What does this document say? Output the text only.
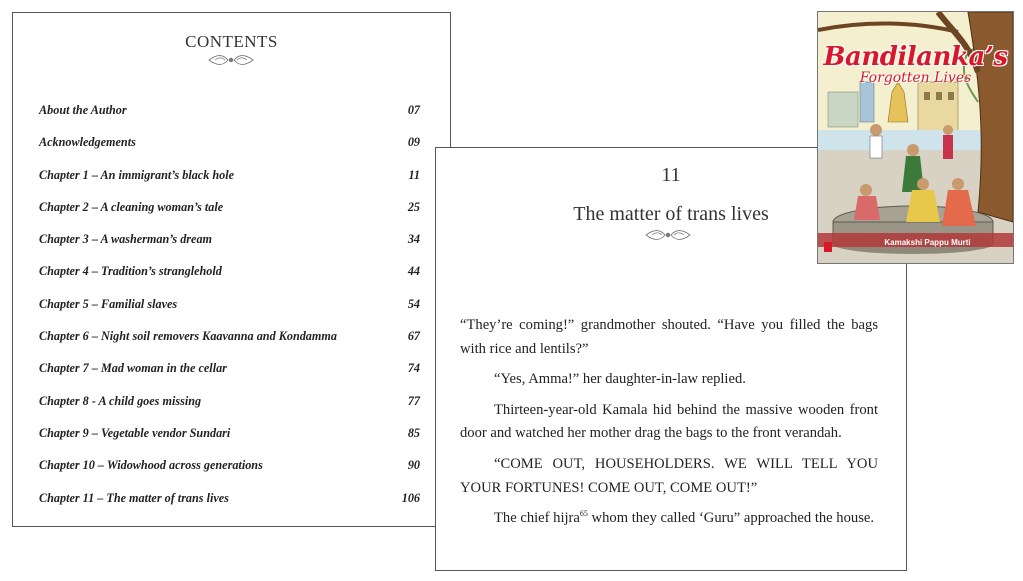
CONTENTS
About the Author	07
Acknowledgements	09
Chapter 1 – An immigrant’s black hole	11
Chapter 2 – A cleaning woman’s tale	25
Chapter 3 – A washerman’s dream	34
Chapter 4 – Tradition’s stranglehold	44
Chapter 5 – Familial slaves	54
Chapter 6 – Night soil removers Kaavanna and Kondamma	67
Chapter 7 – Mad woman in the cellar	74
Chapter 8 - A child goes missing	77
Chapter 9 – Vegetable vendor Sundari	85
Chapter 10 – Widowhood across generations	90
Chapter 11 – The matter of trans lives	106
11
The matter of trans lives

“They’re coming!” grandmother shouted. “Have you filled the bags with rice and lentils?”

“Yes, Amma!” her daughter-in-law replied.

Thirteen-year-old Kamala hid behind the massive wooden front door and watched her mother drag the bags to the front verandah.

“COME OUT, HOUSEHOLDERS. WE WILL TELL YOU YOUR FORTUNES! COME OUT, COME OUT!”

The chief hijra$^{65}$ whom they called ‘Guru” approached the house.

Bandilanka’s
Forgotten Lives
Kamakshi Pappu Murti
